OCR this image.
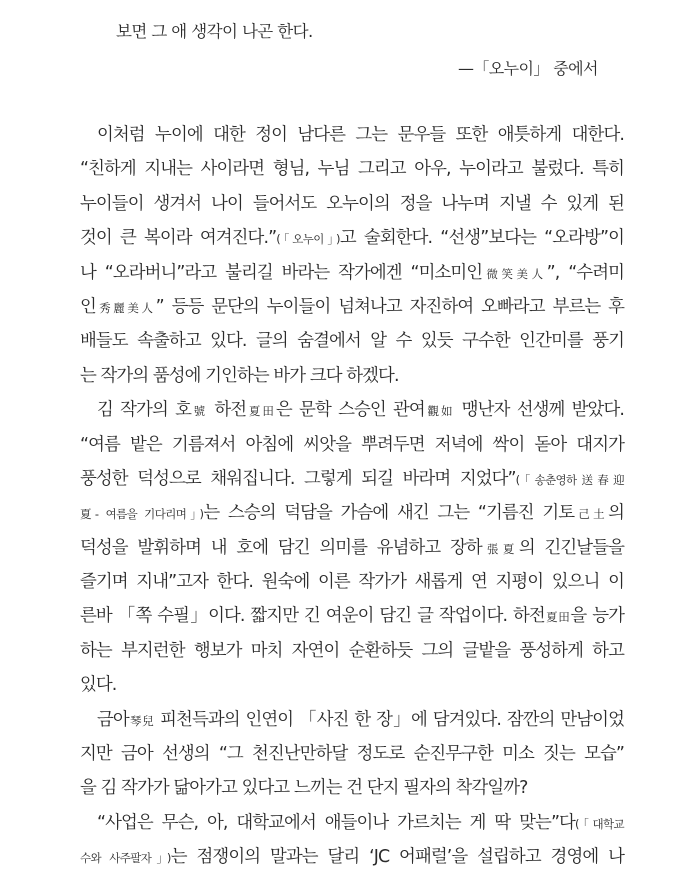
보면 그 애 생각이 나곤 한다.
—「오누이」 중에서
이처럼 누이에 대한 정이 남다른 그는 문우들 또한 애틋하게 대한다.
“친하게 지내는 사이라면 형님, 누님 그리고 아우, 누이라고 불렀다. 특히
누이들이 생겨서 나이 들어서도 오누이의 정을 나누며 지낼 수 있게 된
것이 큰 복이라 여겨진다.”(「오누이」)고 술회한다. “선생”보다는 “오라방”이
나 “오라버니”라고 불리길 바라는 작가에겐 “미소미인微笑美人”, “수려미
인秀麗美人” 등등 문단의 누이들이 넘쳐나고 자진하여 오빠라고 부르는 후
배들도 속출하고 있다. 글의 숨결에서 알 수 있듯 구수한 인간미를 풍기
는 작가의 품성에 기인하는 바가 크다 하겠다.
김 작가의 호號 하전夏田은 문학 스승인 관여觀如 맹난자 선생께 받았다.
“여름 밭은 기름져서 아침에 씨앗을 뿌려두면 저녁에 싹이 돋아 대지가
풍성한 덕성으로 채워집니다. 그렇게 되길 바라며 지었다”(「송춘영하送春迎
夏- 여름을 기다리며」)는 스승의 덕담을 가슴에 새긴 그는 “기름진 기토己土의
덕성을 발휘하며 내 호에 담긴 의미를 유념하고 장하張夏의 긴긴날들을
즐기며 지내”고자 한다. 원숙에 이른 작가가 새롭게 연 지평이 있으니 이
른바 「쪽 수필」이다. 짧지만 긴 여운이 담긴 글 작업이다. 하전夏田을 능가
하는 부지런한 행보가 마치 자연이 순환하듯 그의 글밭을 풍성하게 하고
있다.
금아琴兒 피천득과의 인연이 「사진 한 장」에 담겨있다. 잠깐의 만남이었
지만 금아 선생의 “그 천진난만하달 정도로 순진무구한 미소 짓는 모습”
을 김 작가가 닮아가고 있다고 느끼는 건 단지 필자의 착각일까?
“사업은 무슨, 아, 대학교에서 애들이나 가르치는 게 딱 맞는”다(「대학교
수와 사주팔자」)는 점쟁이의 말과는 달리 ‘JC 어패럴’을 설립하고 경영에 나
